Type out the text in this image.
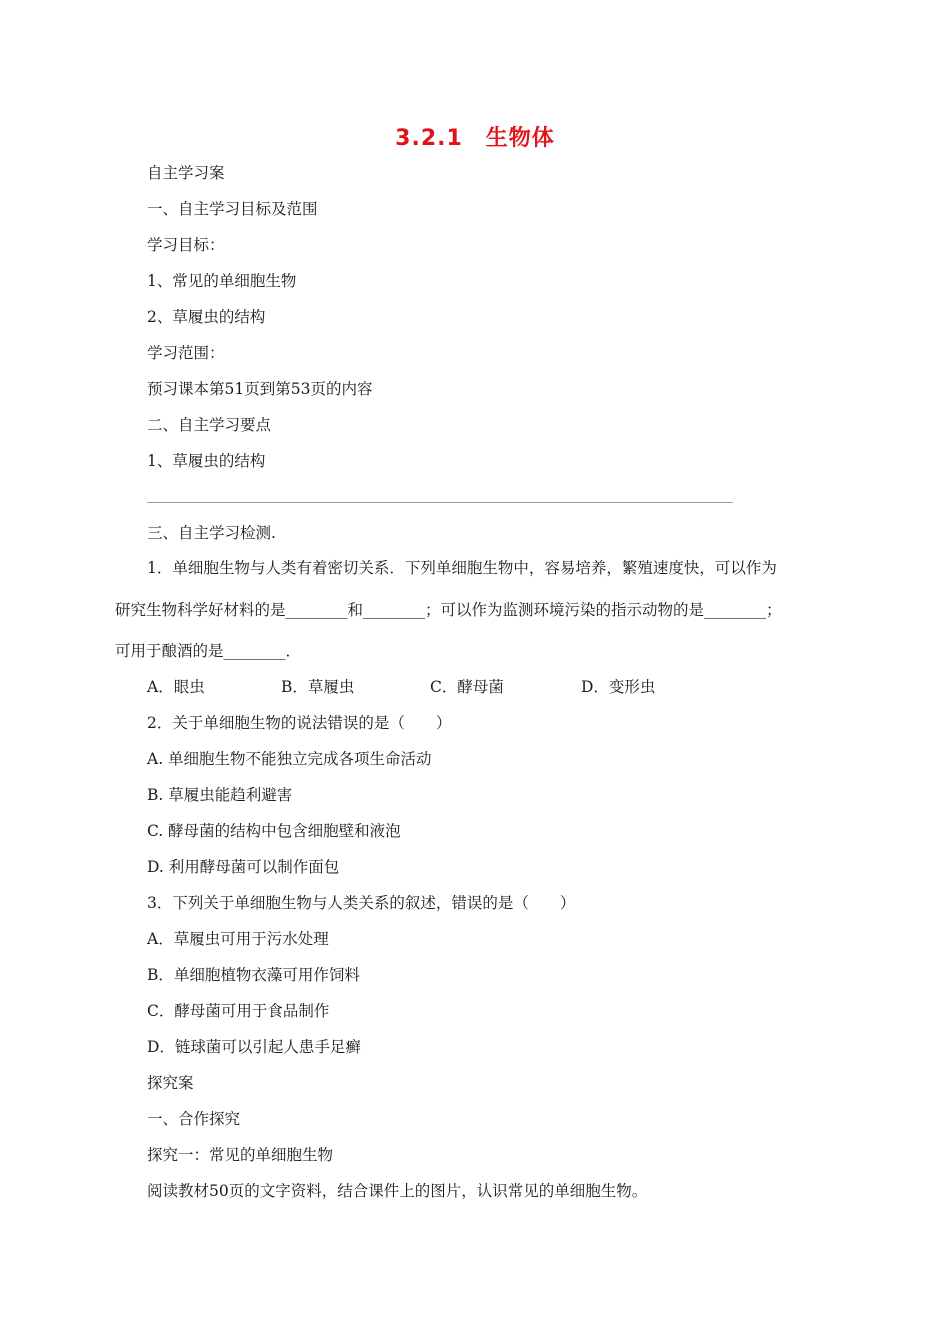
3.2.1　生物体
自主学习案
一、自主学习目标及范围
学习目标：
1、常见的单细胞生物
2、草履虫的结构
学习范围：
预习课本第51页到第53页的内容
二、自主学习要点
1、草履虫的结构
三、自主学习检测.
1．单细胞生物与人类有着密切关系．下列单细胞生物中，容易培养，繁殖速度快，可以作为
研究生物科学好材料的是________和________；可以作为监测环境污染的指示动物的是________；
可用于酿酒的是________．
A．眼虫	B．草履虫	C．酵母菌	D．变形虫
2．关于单细胞生物的说法错误的是（　　）
A. 单细胞生物不能独立完成各项生命活动
B. 草履虫能趋利避害
C. 酵母菌的结构中包含细胞壁和液泡
D. 利用酵母菌可以制作面包
3．下列关于单细胞生物与人类关系的叙述，错误的是（　　）
A．草履虫可用于污水处理
B．单细胞植物衣藻可用作饲料
C．酵母菌可用于食品制作
D．链球菌可以引起人患手足癣
探究案
一、合作探究
探究一：常见的单细胞生物
阅读教材50页的文字资料，结合课件上的图片，认识常见的单细胞生物。
